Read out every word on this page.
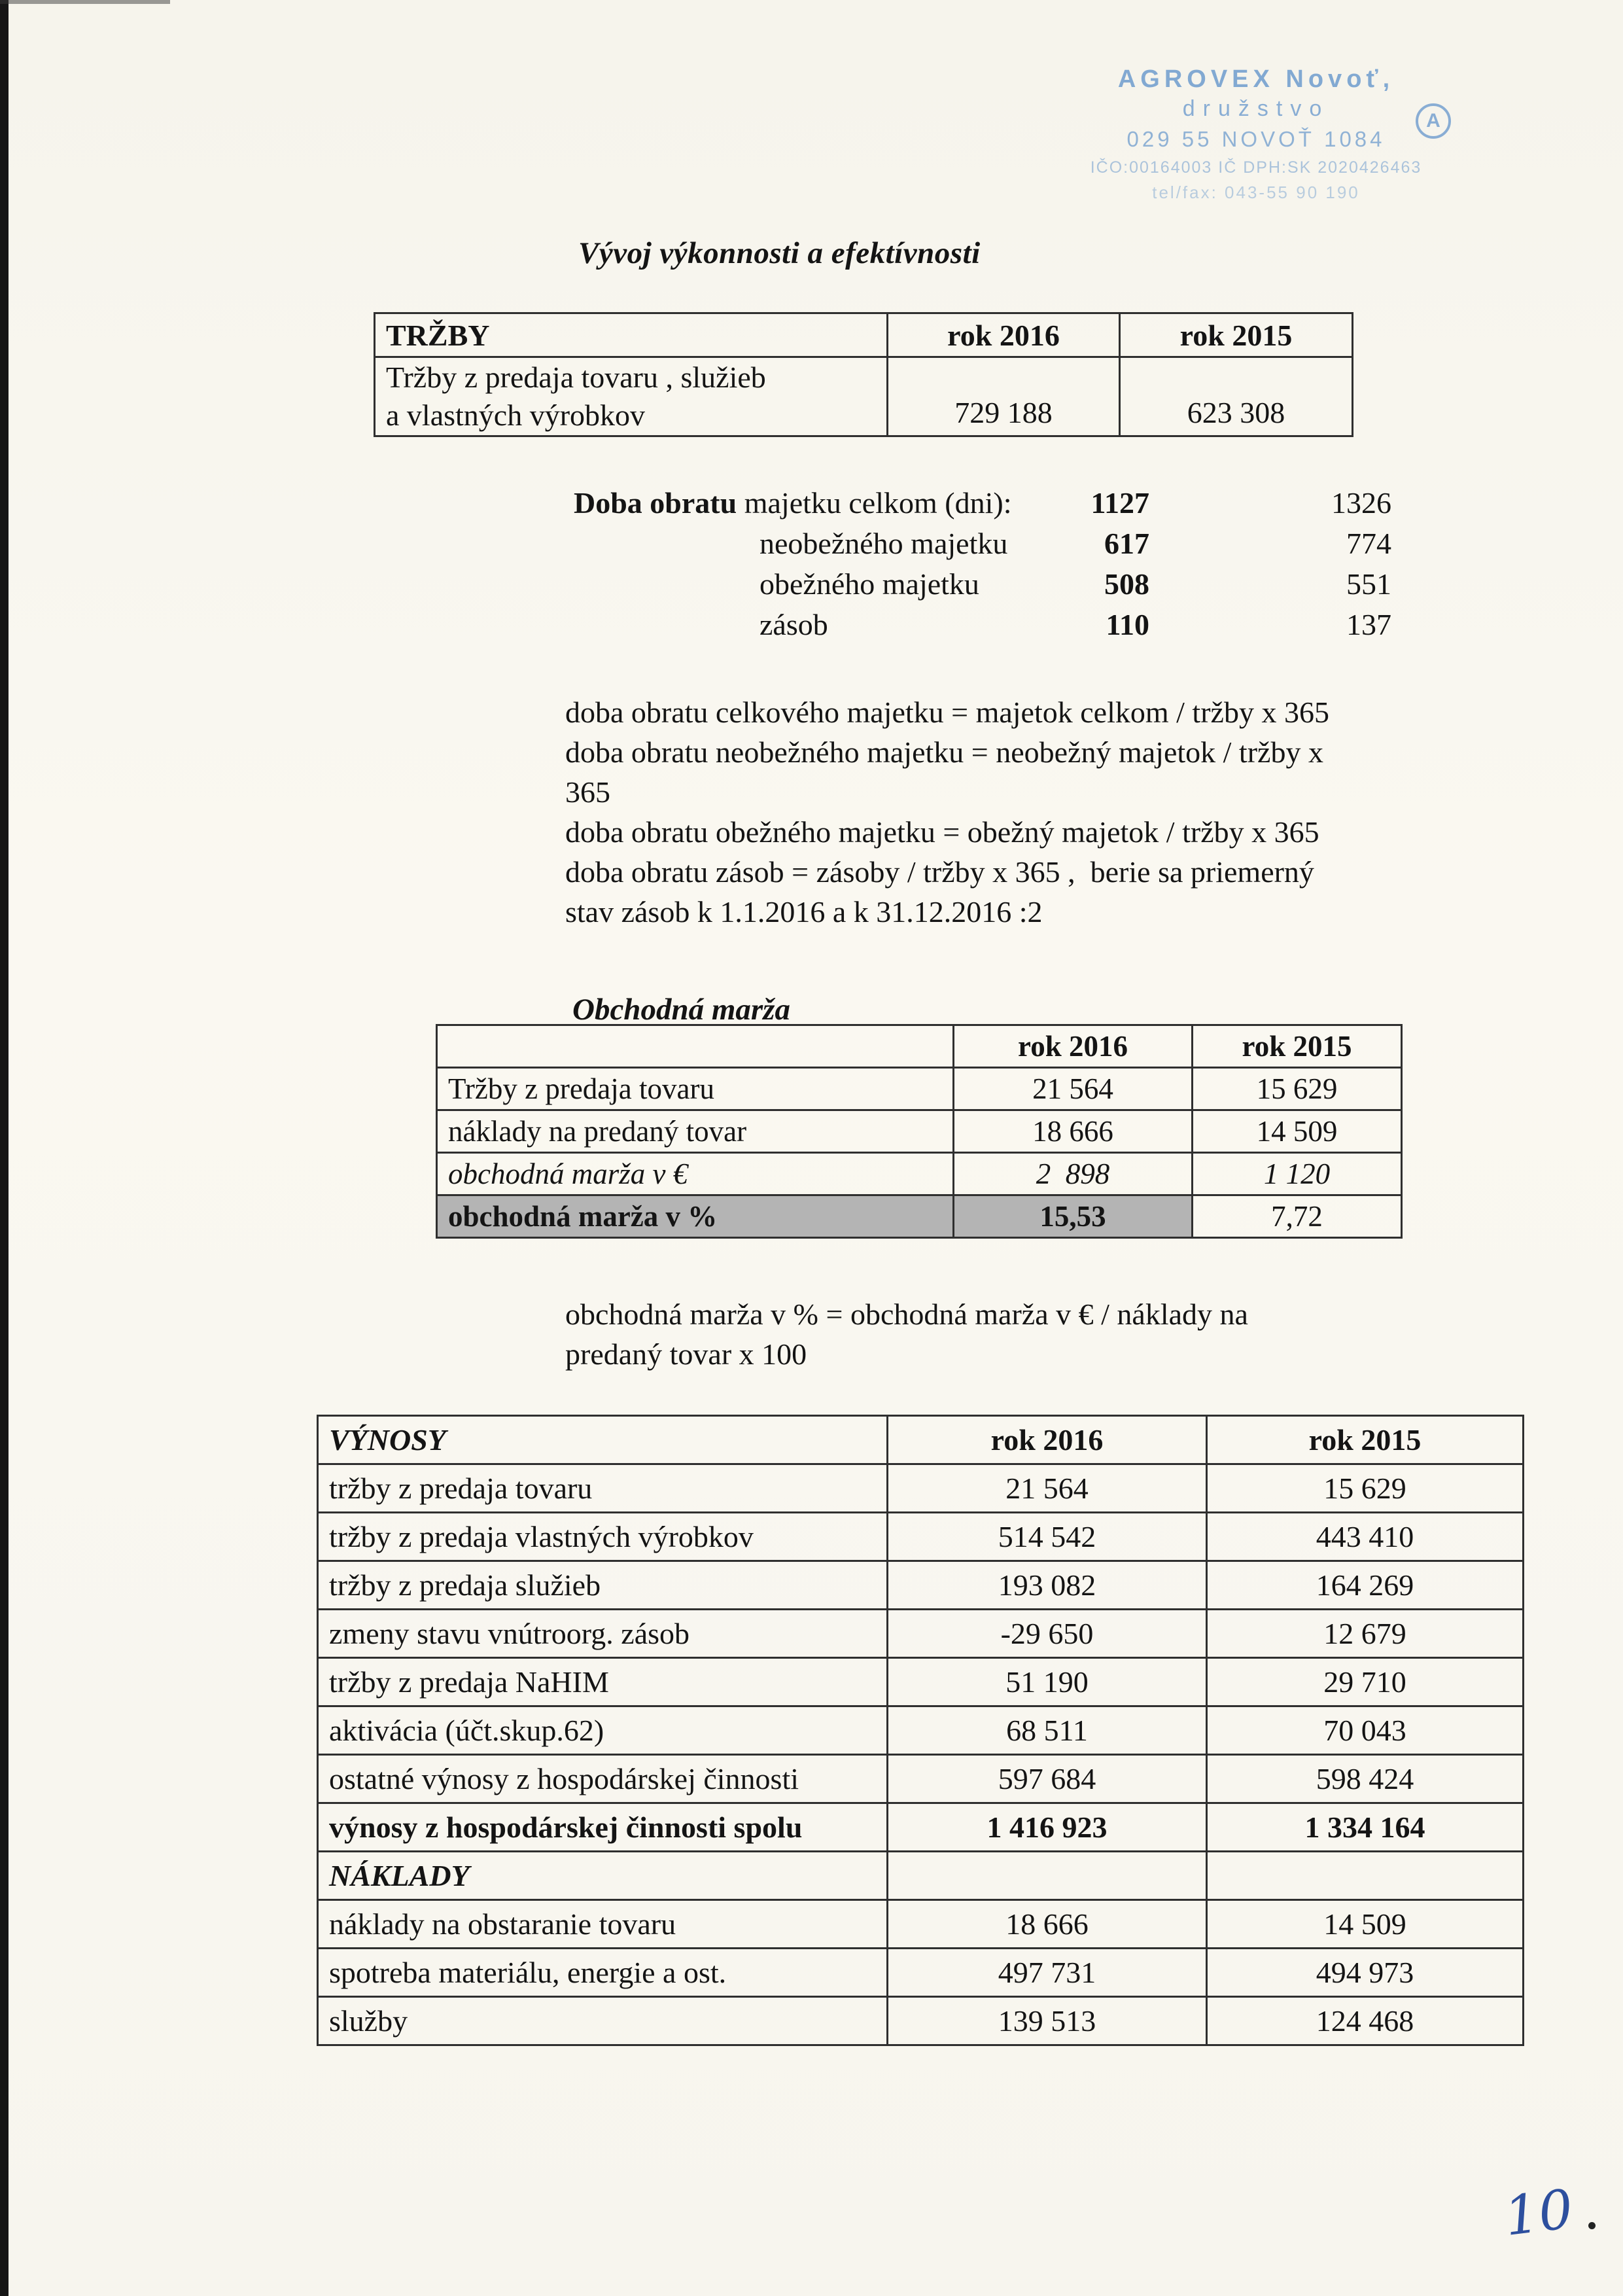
AGROVEX Novoť,
družstvo
029 55 NOVOŤ 1084
IČO:00164003 IČ DPH:SK 2020426463
tel/fax: 043-55 90 190
A
Vývoj výkonnosti a efektívnosti
TRŽBY	rok 2016	rok 2015

Tržby z predaja tovaru , služieb
a vlastných výrobkov	729 188	623 308
Doba obratu majetku celkom (dni):	1127	1326
neobežného majetku	617	774
obežného majetku	508	551
zásob	110	137
doba obratu celkového majetku = majetok celkom / tržby x 365
doba obratu neobežného majetku = neobežný majetok / tržby x
365
doba obratu obežného majetku = obežný majetok / tržby x 365
doba obratu zásob = zásoby / tržby x 365 ,  berie sa priemerný
stav zásob k 1.1.2016 a k 31.12.2016 :2
Obchodná marža
	rok 2016	rok 2015
Tržby z predaja tovaru	21 564	15 629
náklady na predaný tovar	18 666	14 509
obchodná marža v €	2  898	1 120
obchodná marža v %	15,53	7,72
obchodná marža v % = obchodná marža v € / náklady na
predaný tovar x 100
VÝNOSY	rok 2016	rok 2015
tržby z predaja tovaru	21 564	15 629
tržby z predaja vlastných výrobkov	514 542	443 410
tržby z predaja služieb	193 082	164 269
zmeny stavu vnútroorg. zásob	-29 650	12 679
tržby z predaja NaHIM	51 190	29 710
aktivácia (účt.skup.62)	68 511	70 043
ostatné výnosy z hospodárskej činnosti	597 684	598 424
výnosy z hospodárskej činnosti spolu	1 416 923	1 334 164
NÁKLADY		
náklady na obstaranie tovaru	18 666	14 509
spotreba materiálu, energie a ost.	497 731	494 973
služby	139 513	124 468
10
